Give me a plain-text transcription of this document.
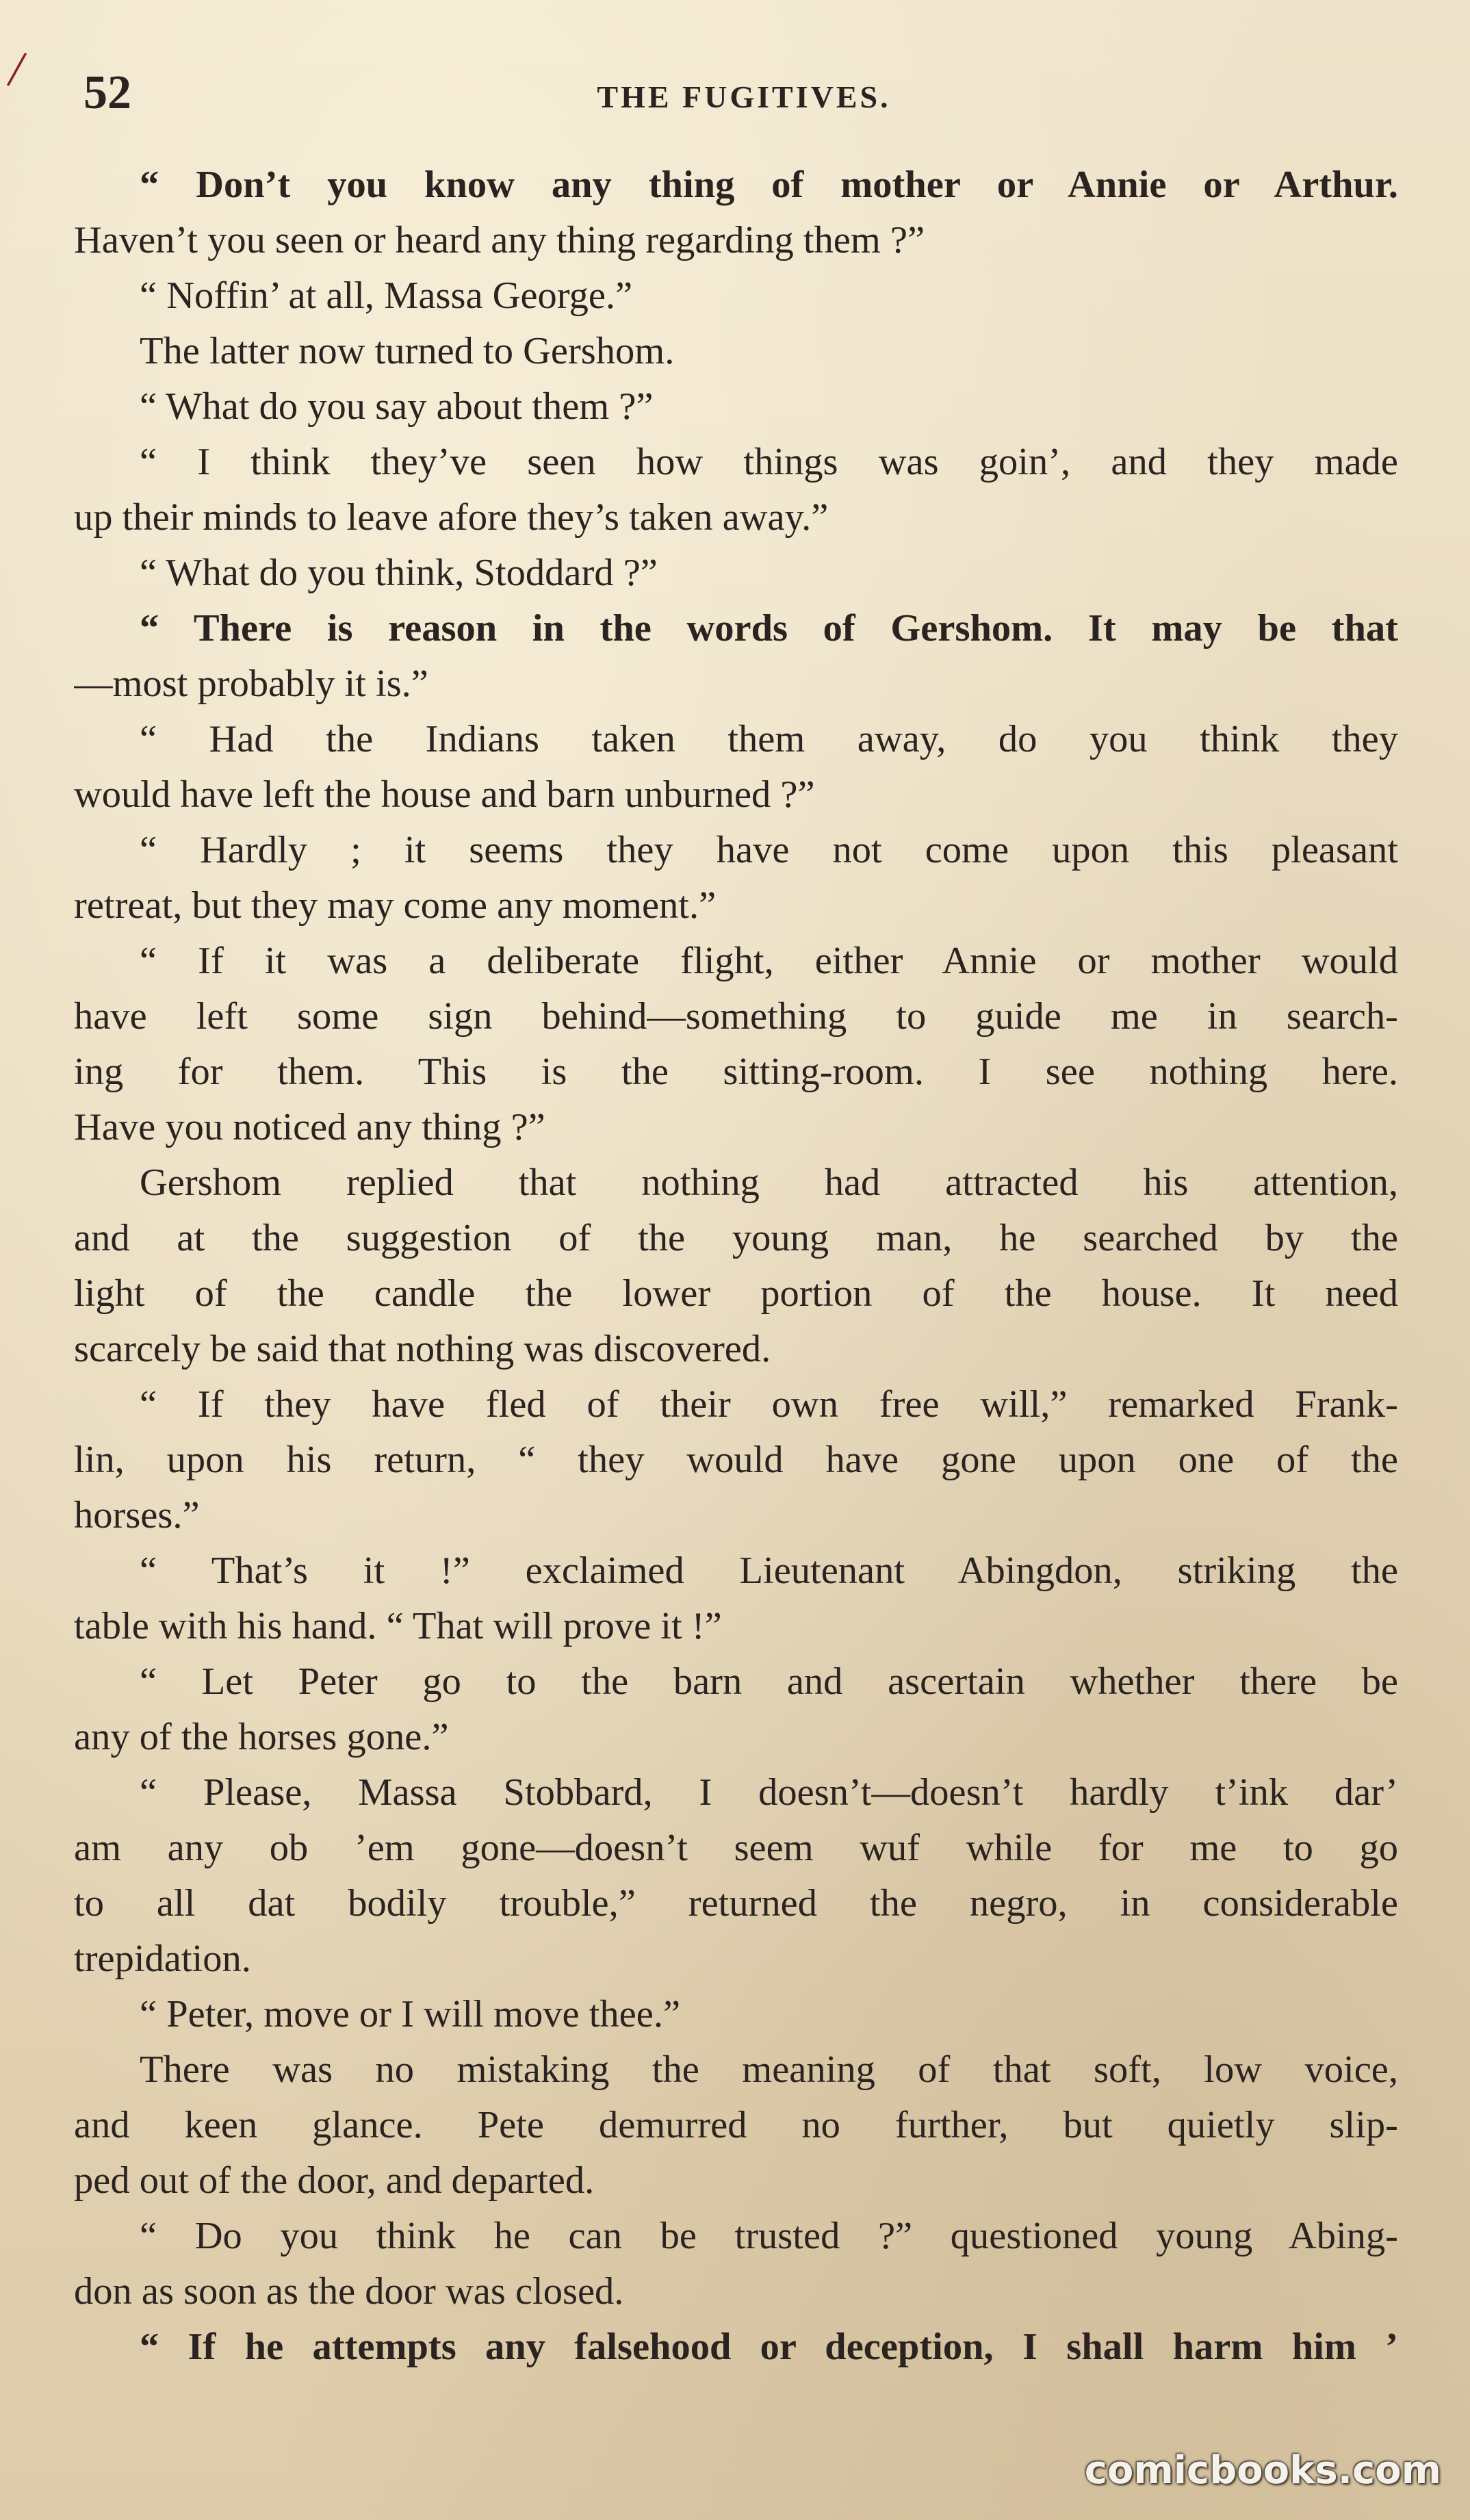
/ 52	THE FUGITIVES.
“ Don’t you know any thing of mother or Annie or Arthur.
Haven’t you seen or heard any thing regarding them ?”
“ Noffin’ at all, Massa George.”
The latter now turned to Gershom.
“ What do you say about them ?”
“ I think they’ve seen how things was goin’, and they made
up their minds to leave afore they’s taken away.”
“ What do you think, Stoddard ?”
“ There is reason in the words of Gershom. It may be that
—most probably it is.”
“ Had the Indians taken them away, do you think they
would have left the house and barn unburned ?”
“ Hardly ; it seems they have not come upon this pleasant
retreat, but they may come any moment.”
“ If it was a deliberate flight, either Annie or mother would
have left some sign behind—something to guide me in search-
ing for them. This is the sitting-room. I see nothing here.
Have you noticed any thing ?”
Gershom replied that nothing had attracted his attention,
and at the suggestion of the young man, he searched by the
light of the candle the lower portion of the house. It need
scarcely be said that nothing was discovered.
“ If they have fled of their own free will,” remarked Frank-
lin, upon his return, “ they would have gone upon one of the
horses.”
“ That’s it !” exclaimed Lieutenant Abingdon, striking the
table with his hand. “ That will prove it !”
“ Let Peter go to the barn and ascertain whether there be
any of the horses gone.”
“ Please, Massa Stobbard, I doesn’t—doesn’t hardly t’ink dar’
am any ob ’em gone—doesn’t seem wuf while for me to go
to all dat bodily trouble,” returned the negro, in considerable
trepidation.
“ Peter, move or I will move thee.”
There was no mistaking the meaning of that soft, low voice,
and keen glance. Pete demurred no further, but quietly slip-
ped out of the door, and departed.
“ Do you think he can be trusted ?” questioned young Abing-
don as soon as the door was closed.
“ If he attempts any falsehood or deception, I shall harm him ’
comicbooks.com
